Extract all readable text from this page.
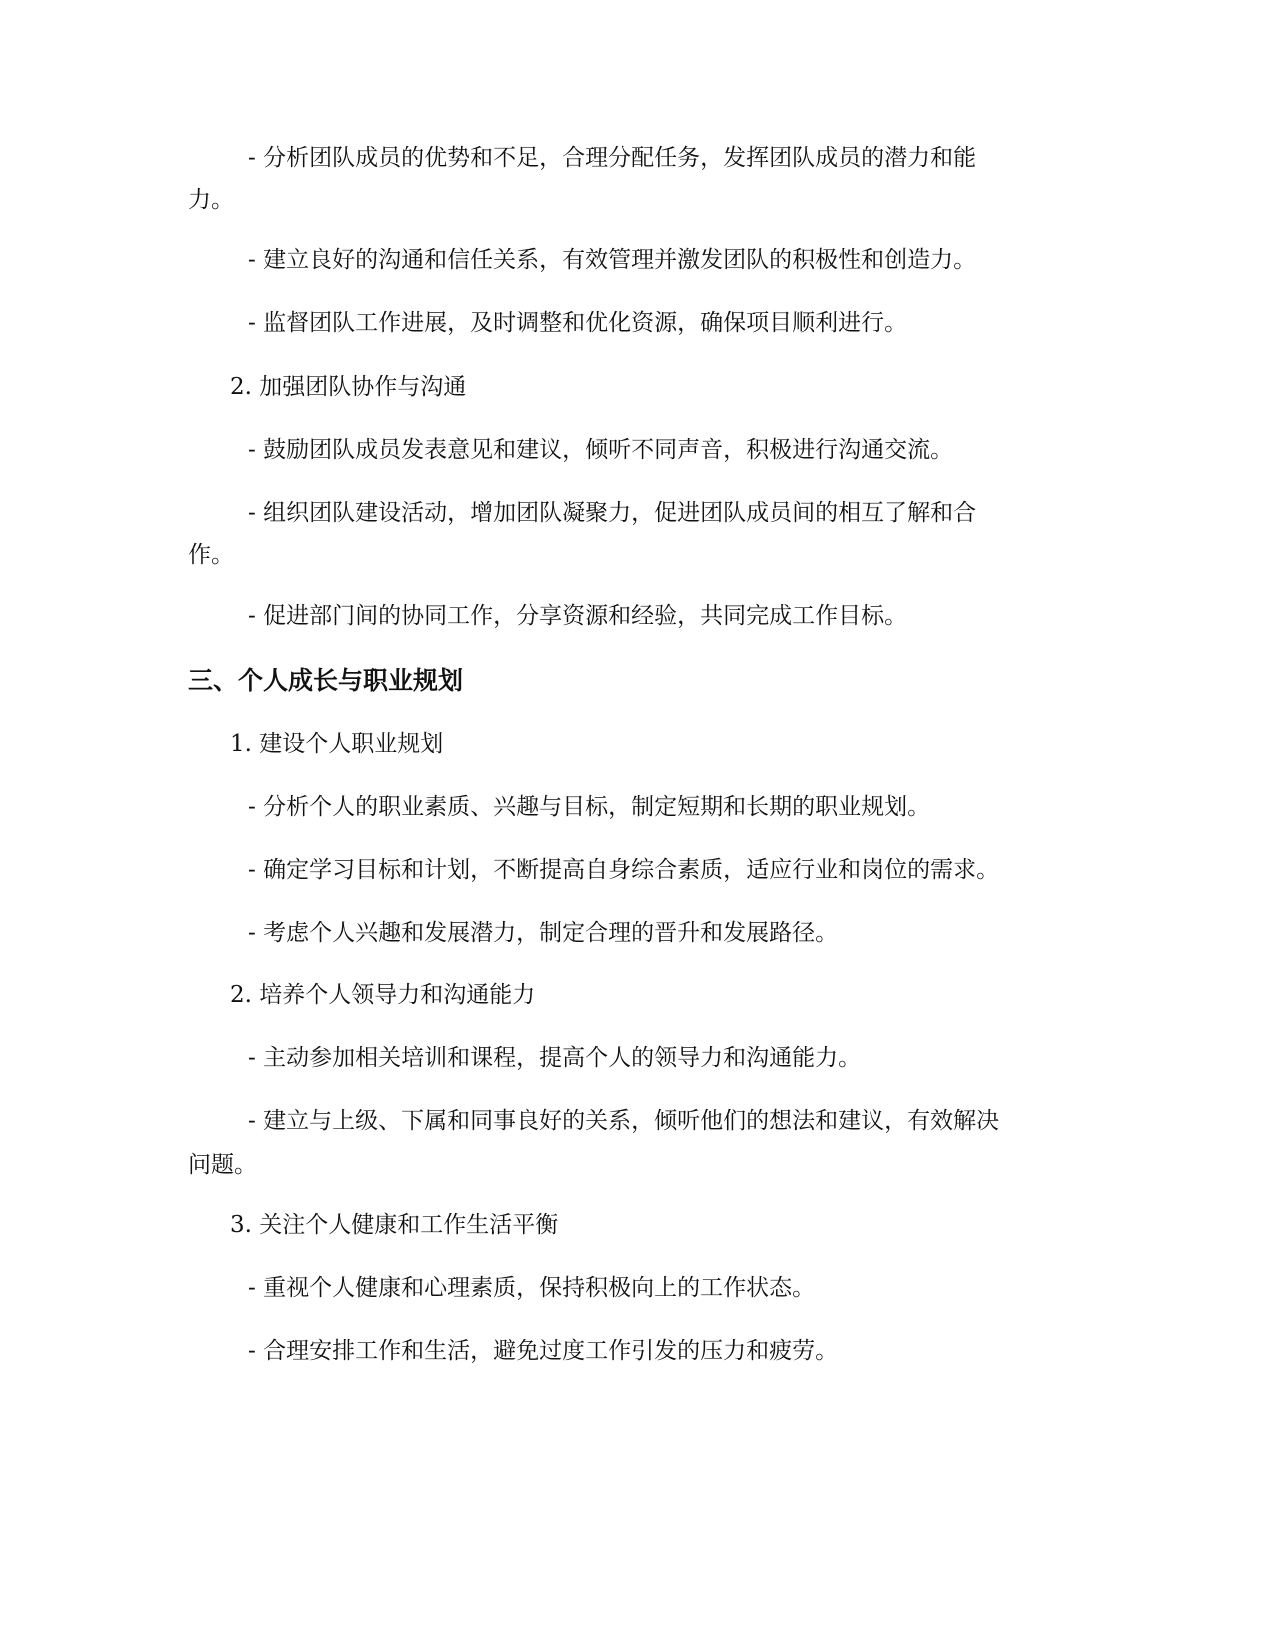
- 分析团队成员的优势和不足，合理分配任务，发挥团队成员的潜力和能

力。

- 建立良好的沟通和信任关系，有效管理并激发团队的积极性和创造力。

- 监督团队工作进展，及时调整和优化资源，确保项目顺利进行。

2. 加强团队协作与沟通

- 鼓励团队成员发表意见和建议，倾听不同声音，积极进行沟通交流。

- 组织团队建设活动，增加团队凝聚力，促进团队成员间的相互了解和合

作。

- 促进部门间的协同工作，分享资源和经验，共同完成工作目标。

三、个人成长与职业规划

1. 建设个人职业规划

- 分析个人的职业素质、兴趣与目标，制定短期和长期的职业规划。

- 确定学习目标和计划，不断提高自身综合素质，适应行业和岗位的需求。

- 考虑个人兴趣和发展潜力，制定合理的晋升和发展路径。

2. 培养个人领导力和沟通能力

- 主动参加相关培训和课程，提高个人的领导力和沟通能力。

- 建立与上级、下属和同事良好的关系，倾听他们的想法和建议，有效解决

问题。

3. 关注个人健康和工作生活平衡

- 重视个人健康和心理素质，保持积极向上的工作状态。

- 合理安排工作和生活，避免过度工作引发的压力和疲劳。
